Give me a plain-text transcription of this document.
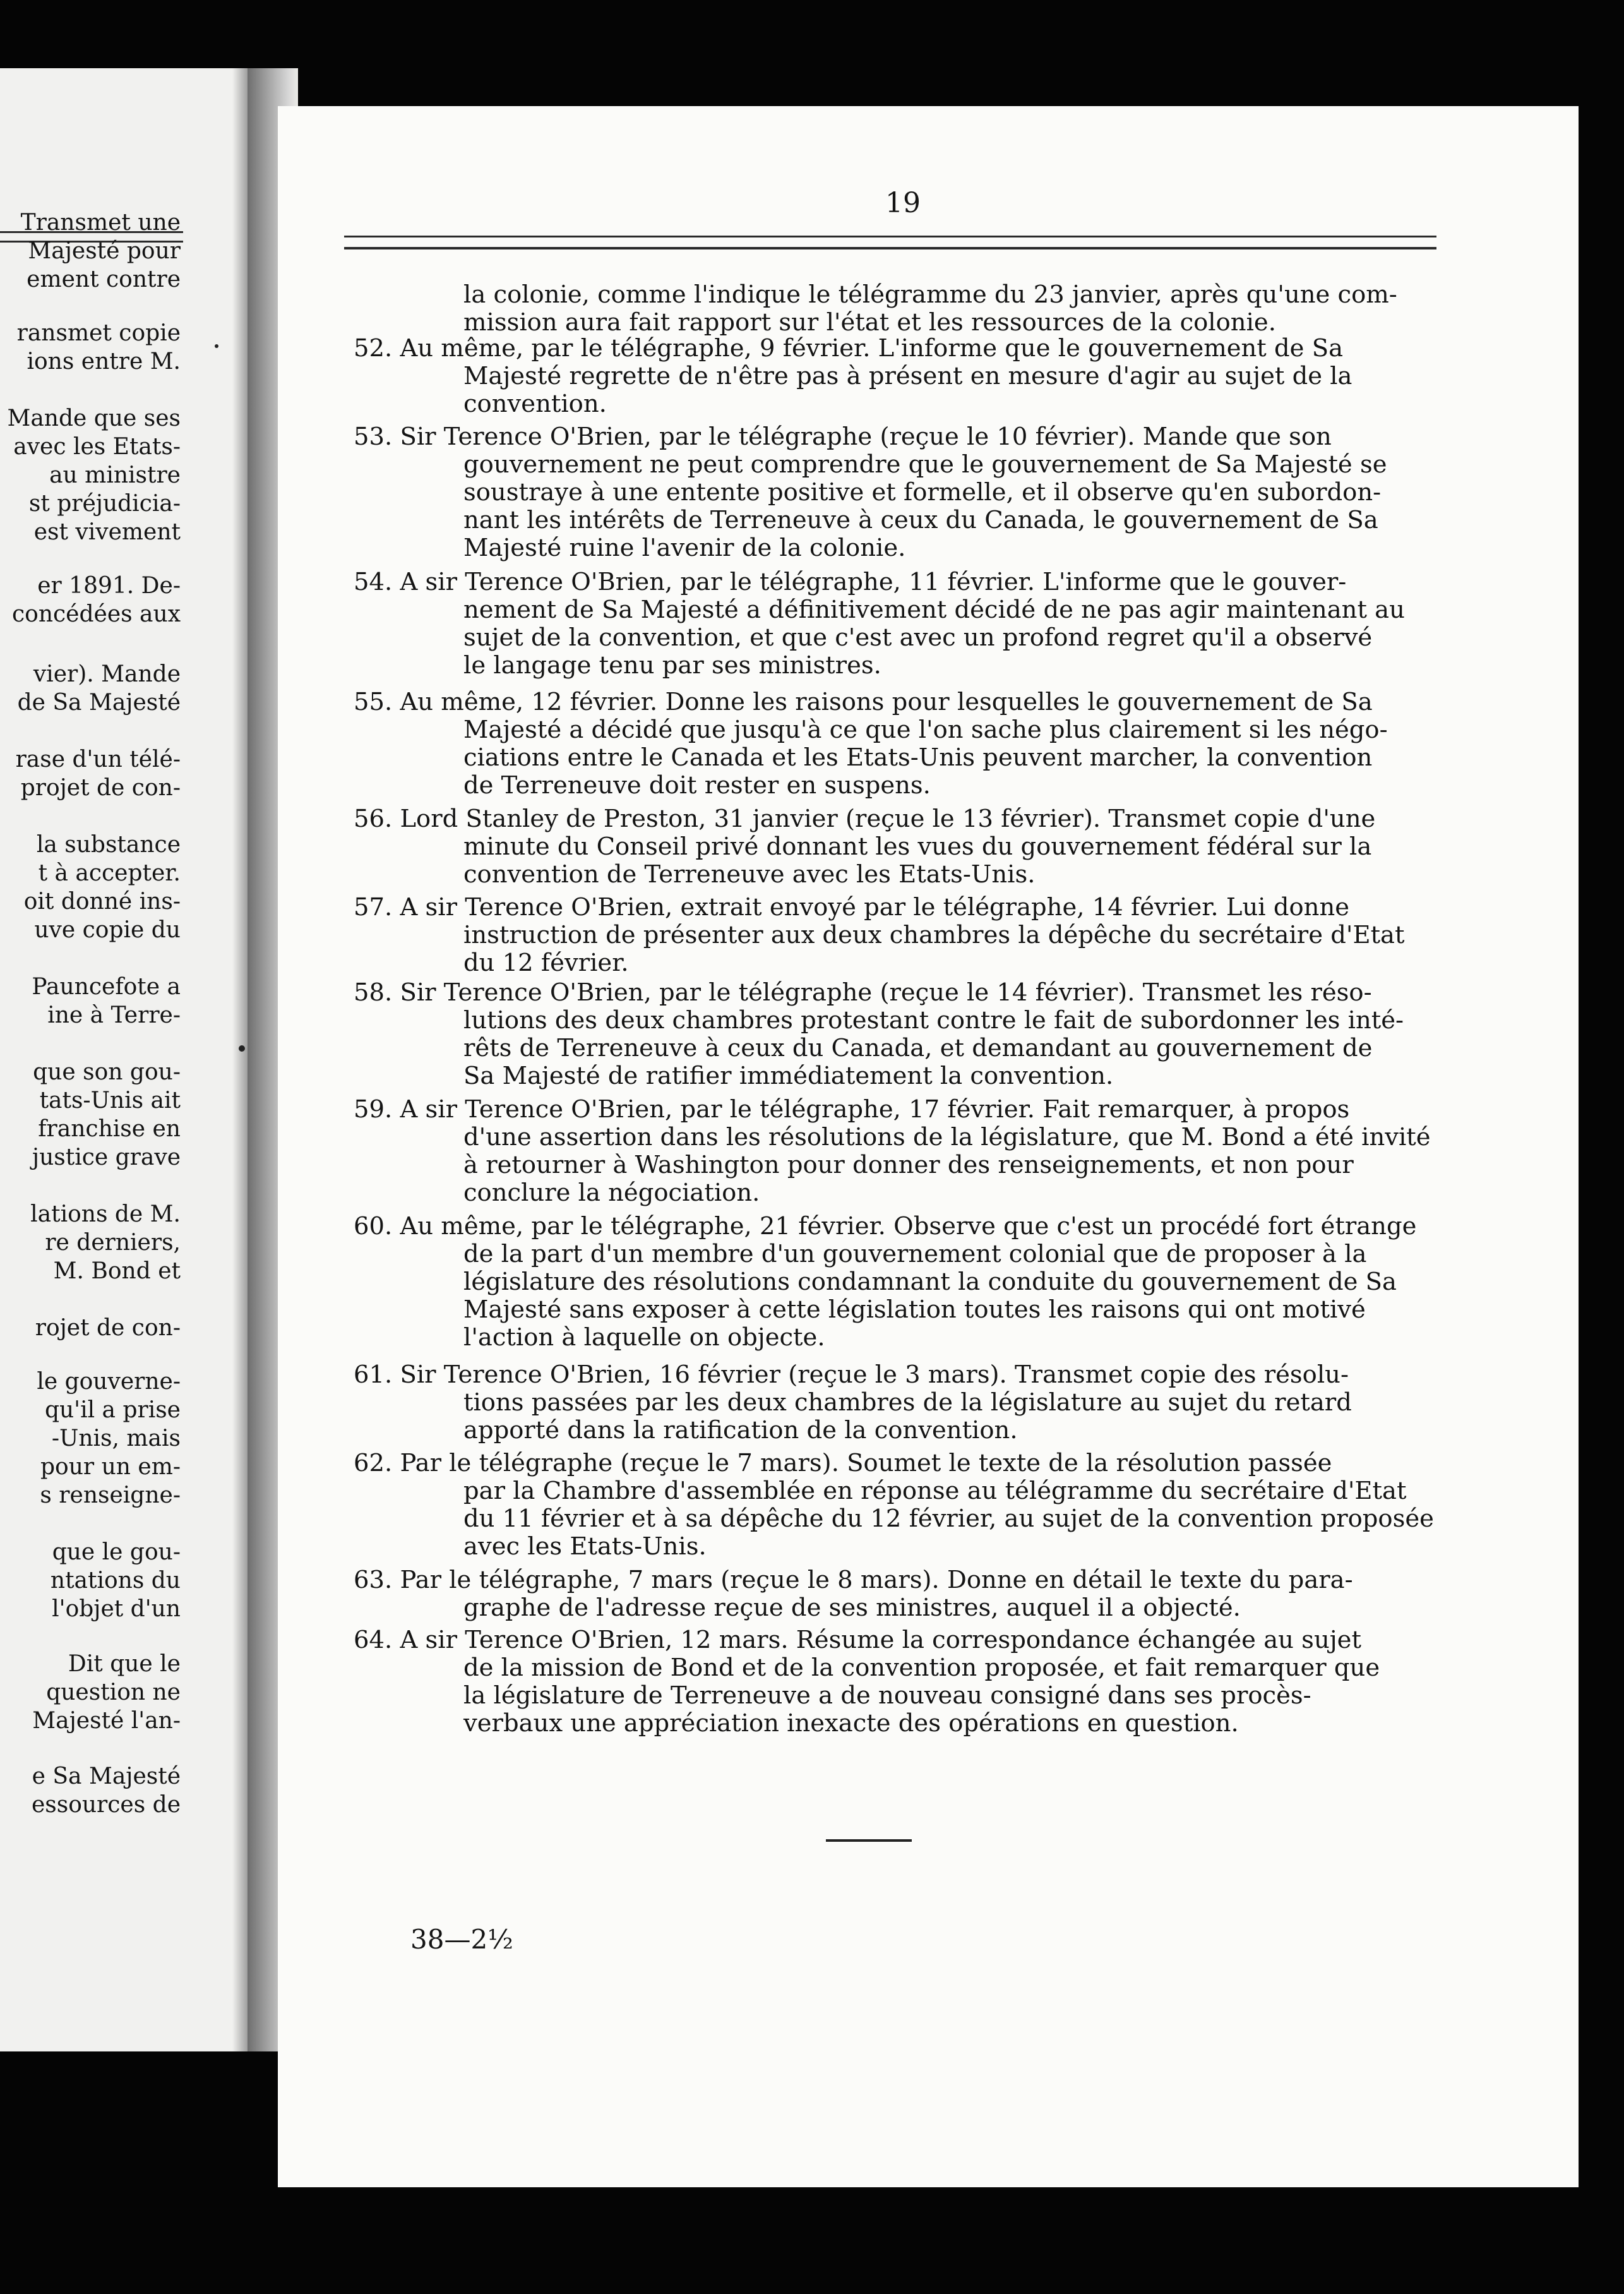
Transmet une
Majesté pour
ement contre
ransmet copie
ions entre M.
Mande que ses
avec les Etats-
au ministre
st préjudicia-
est vivement
er 1891. De-
concédées aux
vier). Mande
de Sa Majesté
rase d'un télé-
projet de con-
la substance
t à accepter.
oit donné ins-
uve copie du
Pauncefote a
ine à Terre-
que son gou-
tats-Unis ait
franchise en
justice grave
lations de M.
re derniers,
M. Bond et
rojet de con-
le gouverne-
qu'il a prise
-Unis, mais
pour un em-
s renseigne-
que le gou-
ntations du
l'objet d'un
Dit que le
question ne
Majesté l'an-
e Sa Majesté
essources de
19
la colonie, comme l'indique le télégramme du 23 janvier, après qu'une com-
mission aura fait rapport sur l'état et les ressources de la colonie.
52. Au même, par le télégraphe, 9 février. L'informe que le gouvernement de Sa
Majesté regrette de n'être pas à présent en mesure d'agir au sujet de la
convention.
53. Sir Terence O'Brien, par le télégraphe (reçue le 10 février). Mande que son
gouvernement ne peut comprendre que le gouvernement de Sa Majesté se
soustraye à une entente positive et formelle, et il observe qu'en subordon-
nant les intérêts de Terreneuve à ceux du Canada, le gouvernement de Sa
Majesté ruine l'avenir de la colonie.
54. A sir Terence O'Brien, par le télégraphe, 11 février. L'informe que le gouver-
nement de Sa Majesté a définitivement décidé de ne pas agir maintenant au
sujet de la convention, et que c'est avec un profond regret qu'il a observé
le langage tenu par ses ministres.
55. Au même, 12 février. Donne les raisons pour lesquelles le gouvernement de Sa
Majesté a décidé que jusqu'à ce que l'on sache plus clairement si les négo-
ciations entre le Canada et les Etats-Unis peuvent marcher, la convention
de Terreneuve doit rester en suspens.
56. Lord Stanley de Preston, 31 janvier (reçue le 13 février). Transmet copie d'une
minute du Conseil privé donnant les vues du gouvernement fédéral sur la
convention de Terreneuve avec les Etats-Unis.
57. A sir Terence O'Brien, extrait envoyé par le télégraphe, 14 février. Lui donne
instruction de présenter aux deux chambres la dépêche du secrétaire d'Etat
du 12 février.
58. Sir Terence O'Brien, par le télégraphe (reçue le 14 février). Transmet les réso-
lutions des deux chambres protestant contre le fait de subordonner les inté-
rêts de Terreneuve à ceux du Canada, et demandant au gouvernement de
Sa Majesté de ratifier immédiatement la convention.
59. A sir Terence O'Brien, par le télégraphe, 17 février. Fait remarquer, à propos
d'une assertion dans les résolutions de la législature, que M. Bond a été invité
à retourner à Washington pour donner des renseignements, et non pour
conclure la négociation.
60. Au même, par le télégraphe, 21 février. Observe que c'est un procédé fort étrange
de la part d'un membre d'un gouvernement colonial que de proposer à la
législature des résolutions condamnant la conduite du gouvernement de Sa
Majesté sans exposer à cette législation toutes les raisons qui ont motivé
l'action à laquelle on objecte.
61. Sir Terence O'Brien, 16 février (reçue le 3 mars). Transmet copie des résolu-
tions passées par les deux chambres de la législature au sujet du retard
apporté dans la ratification de la convention.
62. Par le télégraphe (reçue le 7 mars). Soumet le texte de la résolution passée
par la Chambre d'assemblée en réponse au télégramme du secrétaire d'Etat
du 11 février et à sa dépêche du 12 février, au sujet de la convention proposée
avec les Etats-Unis.
63. Par le télégraphe, 7 mars (reçue le 8 mars). Donne en détail le texte du para-
graphe de l'adresse reçue de ses ministres, auquel il a objecté.
64. A sir Terence O'Brien, 12 mars. Résume la correspondance échangée au sujet
de la mission de Bond et de la convention proposée, et fait remarquer que
la législature de Terreneuve a de nouveau consigné dans ses procès-
verbaux une appréciation inexacte des opérations en question.
38—2½
